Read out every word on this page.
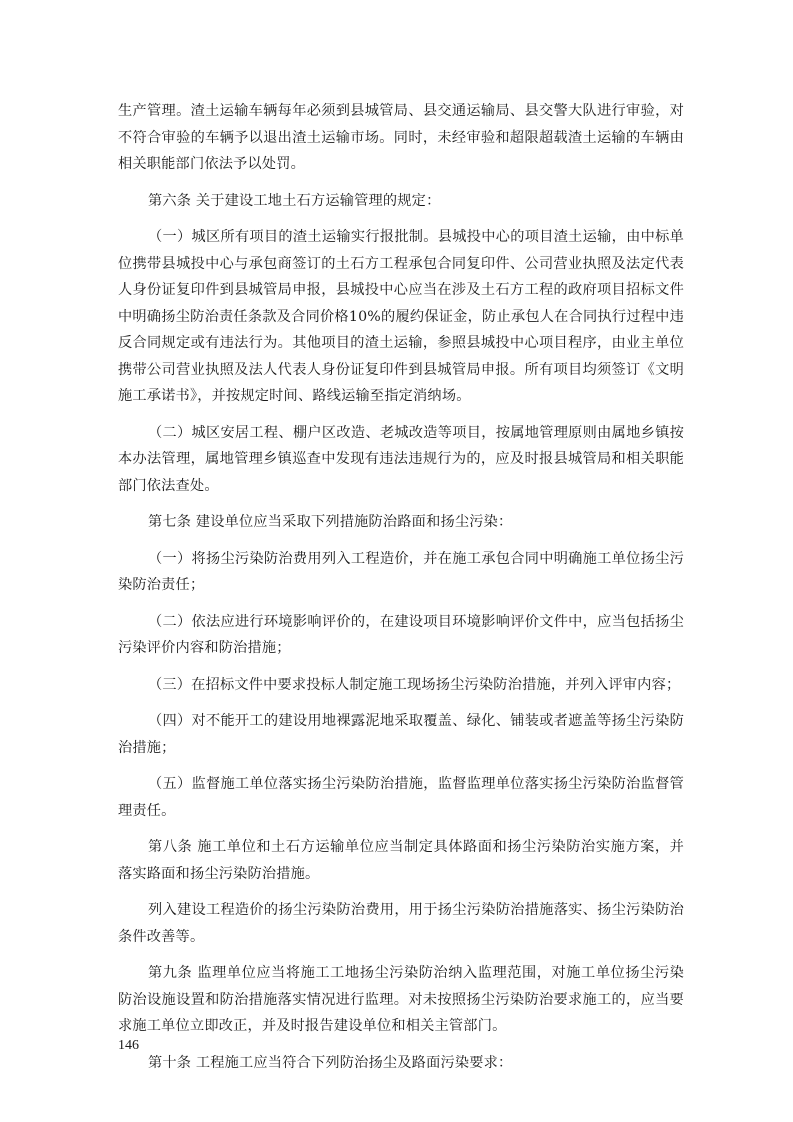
生产管理。渣土运输车辆每年必须到县城管局、县交通运输局、县交警大队进行审验，对不符合审验的车辆予以退出渣土运输市场。同时，未经审验和超限超载渣土运输的车辆由相关职能部门依法予以处罚。

第六条 关于建设工地土石方运输管理的规定：

（一）城区所有项目的渣土运输实行报批制。县城投中心的项目渣土运输，由中标单位携带县城投中心与承包商签订的土石方工程承包合同复印件、公司营业执照及法定代表人身份证复印件到县城管局申报，县城投中心应当在涉及土石方工程的政府项目招标文件中明确扬尘防治责任条款及合同价格10%的履约保证金，防止承包人在合同执行过程中违反合同规定或有违法行为。其他项目的渣土运输，参照县城投中心项目程序，由业主单位携带公司营业执照及法人代表人身份证复印件到县城管局申报。所有项目均须签订《文明施工承诺书》，并按规定时间、路线运输至指定消纳场。

（二）城区安居工程、棚户区改造、老城改造等项目，按属地管理原则由属地乡镇按本办法管理，属地管理乡镇巡查中发现有违法违规行为的，应及时报县城管局和相关职能部门依法查处。

第七条 建设单位应当采取下列措施防治路面和扬尘污染：

（一）将扬尘污染防治费用列入工程造价，并在施工承包合同中明确施工单位扬尘污染防治责任；

（二）依法应进行环境影响评价的，在建设项目环境影响评价文件中，应当包括扬尘污染评价内容和防治措施；

（三）在招标文件中要求投标人制定施工现场扬尘污染防治措施，并列入评审内容；

（四）对不能开工的建设用地裸露泥地采取覆盖、绿化、铺装或者遮盖等扬尘污染防治措施；

（五）监督施工单位落实扬尘污染防治措施，监督监理单位落实扬尘污染防治监督管理责任。

第八条 施工单位和土石方运输单位应当制定具体路面和扬尘污染防治实施方案，并落实路面和扬尘污染防治措施。

列入建设工程造价的扬尘污染防治费用，用于扬尘污染防治措施落实、扬尘污染防治条件改善等。

第九条 监理单位应当将施工工地扬尘污染防治纳入监理范围，对施工单位扬尘污染防治设施设置和防治措施落实情况进行监理。对未按照扬尘污染防治要求施工的，应当要求施工单位立即改正，并及时报告建设单位和相关主管部门。

第十条 工程施工应当符合下列防治扬尘及路面污染要求：

146
